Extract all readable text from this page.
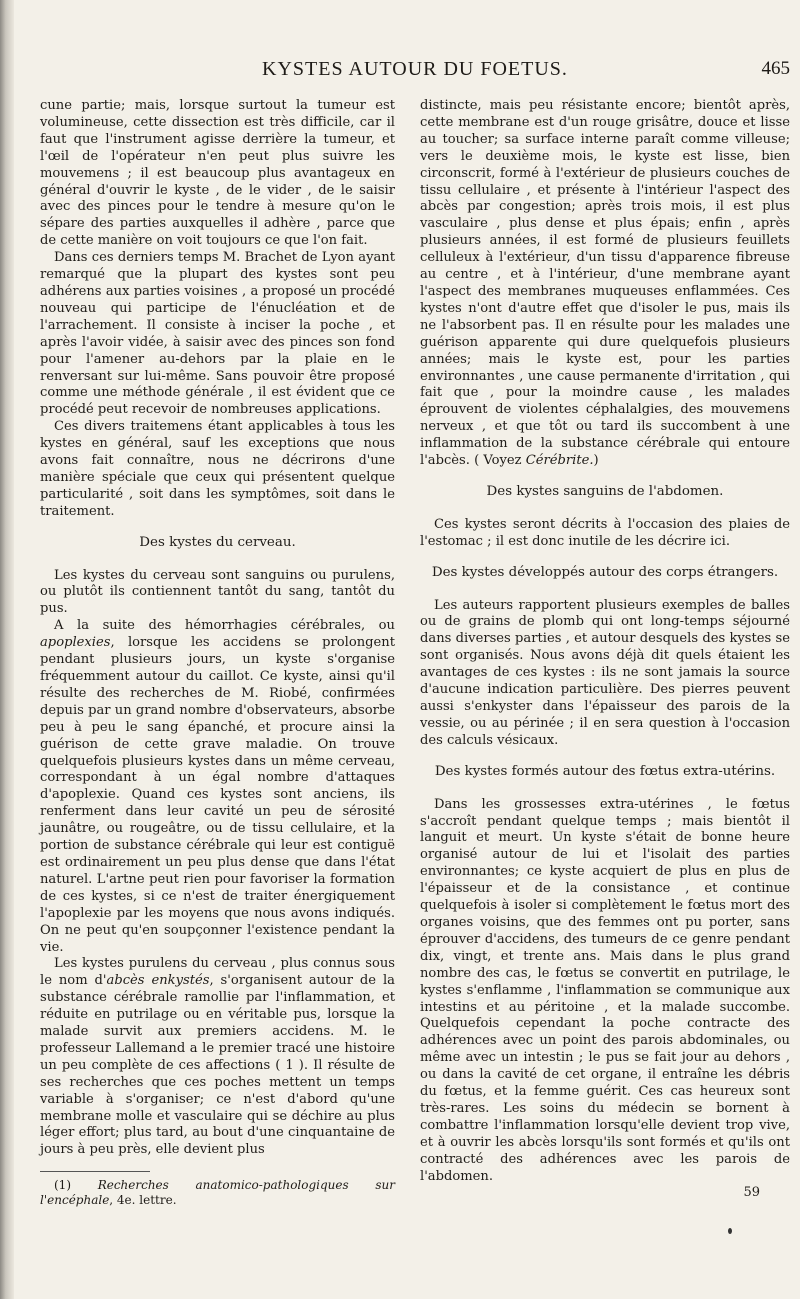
KYSTES AUTOUR DU FOETUS.	465

cune partie; mais, lorsque surtout la tumeur est volumineuse, cette dissection est très difficile, car il faut que l'instrument agisse derrière la tumeur, et l'œil de l'opérateur n'en peut plus suivre les mouvemens ; il est beaucoup plus avantageux en général d'ouvrir le kyste , de le vider , de le saisir avec des pinces pour le tendre à mesure qu'on le sépare des parties auxquelles il adhère , parce que de cette manière on voit toujours ce que l'on fait.

Dans ces derniers temps M. Brachet de Lyon ayant remarqué que la plupart des kystes sont peu adhérens aux parties voisines , a proposé un procédé nouveau qui participe de l'énucléation et de l'arrachement. Il consiste à inciser la poche , et après l'avoir vidée, à saisir avec des pinces son fond pour l'amener au-dehors par la plaie en le renversant sur lui-même. Sans pouvoir être proposé comme une méthode générale , il est évident que ce procédé peut recevoir de nombreuses applications.

Ces divers traitemens étant applicables à tous les kystes en général, sauf les exceptions que nous avons fait connaître, nous ne décrirons d'une manière spéciale que ceux qui présentent quelque particularité , soit dans les symptômes, soit dans le traitement.

Des kystes du cerveau.

Les kystes du cerveau sont sanguins ou purulens, ou plutôt ils contiennent tantôt du sang, tantôt du pus.

A la suite des hémorrhagies cérébrales, ou apoplexies, lorsque les accidens se prolongent pendant plusieurs jours, un kyste s'organise fréquemment autour du caillot. Ce kyste, ainsi qu'il résulte des recherches de M. Riobé, confirmées depuis par un grand nombre d'observateurs, absorbe peu à peu le sang épanché, et procure ainsi la guérison de cette grave maladie. On trouve quelquefois plusieurs kystes dans un même cerveau, correspondant à un égal nombre d'attaques d'apoplexie. Quand ces kystes sont anciens, ils renferment dans leur cavité un peu de sérosité jaunâtre, ou rougeâtre, ou de tissu cellulaire, et la portion de substance cérébrale qui leur est contiguë est ordinairement un peu plus dense que dans l'état naturel. L'artne peut rien pour favoriser la formation de ces kystes, si ce n'est de traiter énergiquement l'apoplexie par les moyens que nous avons indiqués. On ne peut qu'en soupçonner l'existence pendant la vie.

Les kystes purulens du cerveau , plus connus sous le nom d'abcès enkystés, s'organisent autour de la substance cérébrale ramollie par l'inflammation, et réduite en putrilage ou en véritable pus, lorsque la malade survit aux premiers accidens. M. le professeur Lallemand a le premier tracé une histoire un peu complète de ces affections ( 1 ). Il résulte de ses recherches que ces poches mettent un temps variable à s'organiser; ce n'est d'abord qu'une membrane molle et vasculaire qui se déchire au plus léger effort; plus tard, au bout d'une cinquantaine de jours à peu près, elle devient plus

(1) Recherches anatomico-pathologiques sur l'encéphale, 4e. lettre.

distincte, mais peu résistante encore; bientôt après, cette membrane est d'un rouge grisâtre, douce et lisse au toucher; sa surface interne paraît comme villeuse; vers le deuxième mois, le kyste est lisse, bien circonscrit, formé à l'extérieur de plusieurs couches de tissu cellulaire , et présente à l'intérieur l'aspect des abcès par congestion; après trois mois, il est plus vasculaire , plus dense et plus épais; enfin , après plusieurs années, il est formé de plusieurs feuillets celluleux à l'extérieur, d'un tissu d'apparence fibreuse au centre , et à l'intérieur, d'une membrane ayant l'aspect des membranes muqueuses enflammées. Ces kystes n'ont d'autre effet que d'isoler le pus, mais ils ne l'absorbent pas. Il en résulte pour les malades une guérison apparente qui dure quelquefois plusieurs années; mais le kyste est, pour les parties environnantes , une cause permanente d'irritation , qui fait que , pour la moindre cause , les malades éprouvent de violentes céphalalgies, des mouvemens nerveux , et que tôt ou tard ils succombent à une inflammation de la substance cérébrale qui entoure l'abcès. ( Voyez Cérébrite.)

Des kystes sanguins de l'abdomen.

Ces kystes seront décrits à l'occasion des plaies de l'estomac ; il est donc inutile de les décrire ici.

Des kystes développés autour des corps étrangers.

Les auteurs rapportent plusieurs exemples de balles ou de grains de plomb qui ont long-temps séjourné dans diverses parties , et autour desquels des kystes se sont organisés. Nous avons déjà dit quels étaient les avantages de ces kystes : ils ne sont jamais la source d'aucune indication particulière. Des pierres peuvent aussi s'enkyster dans l'épaisseur des parois de la vessie, ou au périnée ; il en sera question à l'occasion des calculs vésicaux.

Des kystes formés autour des fœtus extra-utérins.

Dans les grossesses extra-utérines , le fœtus s'accroît pendant quelque temps ; mais bientôt il languit et meurt. Un kyste s'était de bonne heure organisé autour de lui et l'isolait des parties environnantes; ce kyste acquiert de plus en plus de l'épaisseur et de la consistance , et continue quelquefois à isoler si complètement le fœtus mort des organes voisins, que des femmes ont pu porter, sans éprouver d'accidens, des tumeurs de ce genre pendant dix, vingt, et trente ans. Mais dans le plus grand nombre des cas, le fœtus se convertit en putrilage, le kystes s'enflamme , l'inflammation se communique aux intestins et au péritoine , et la malade succombe. Quelquefois cependant la poche contracte des adhérences avec un point des parois abdominales, ou même avec un intestin ; le pus se fait jour au dehors , ou dans la cavité de cet organe, il entraîne les débris du fœtus, et la femme guérit. Ces cas heureux sont très-rares. Les soins du médecin se bornent à combattre l'inflammation lorsqu'elle devient trop vive, et à ouvrir les abcès lorsqu'ils sont formés et qu'ils ont contracté des adhérences avec les parois de l'abdomen.

59
